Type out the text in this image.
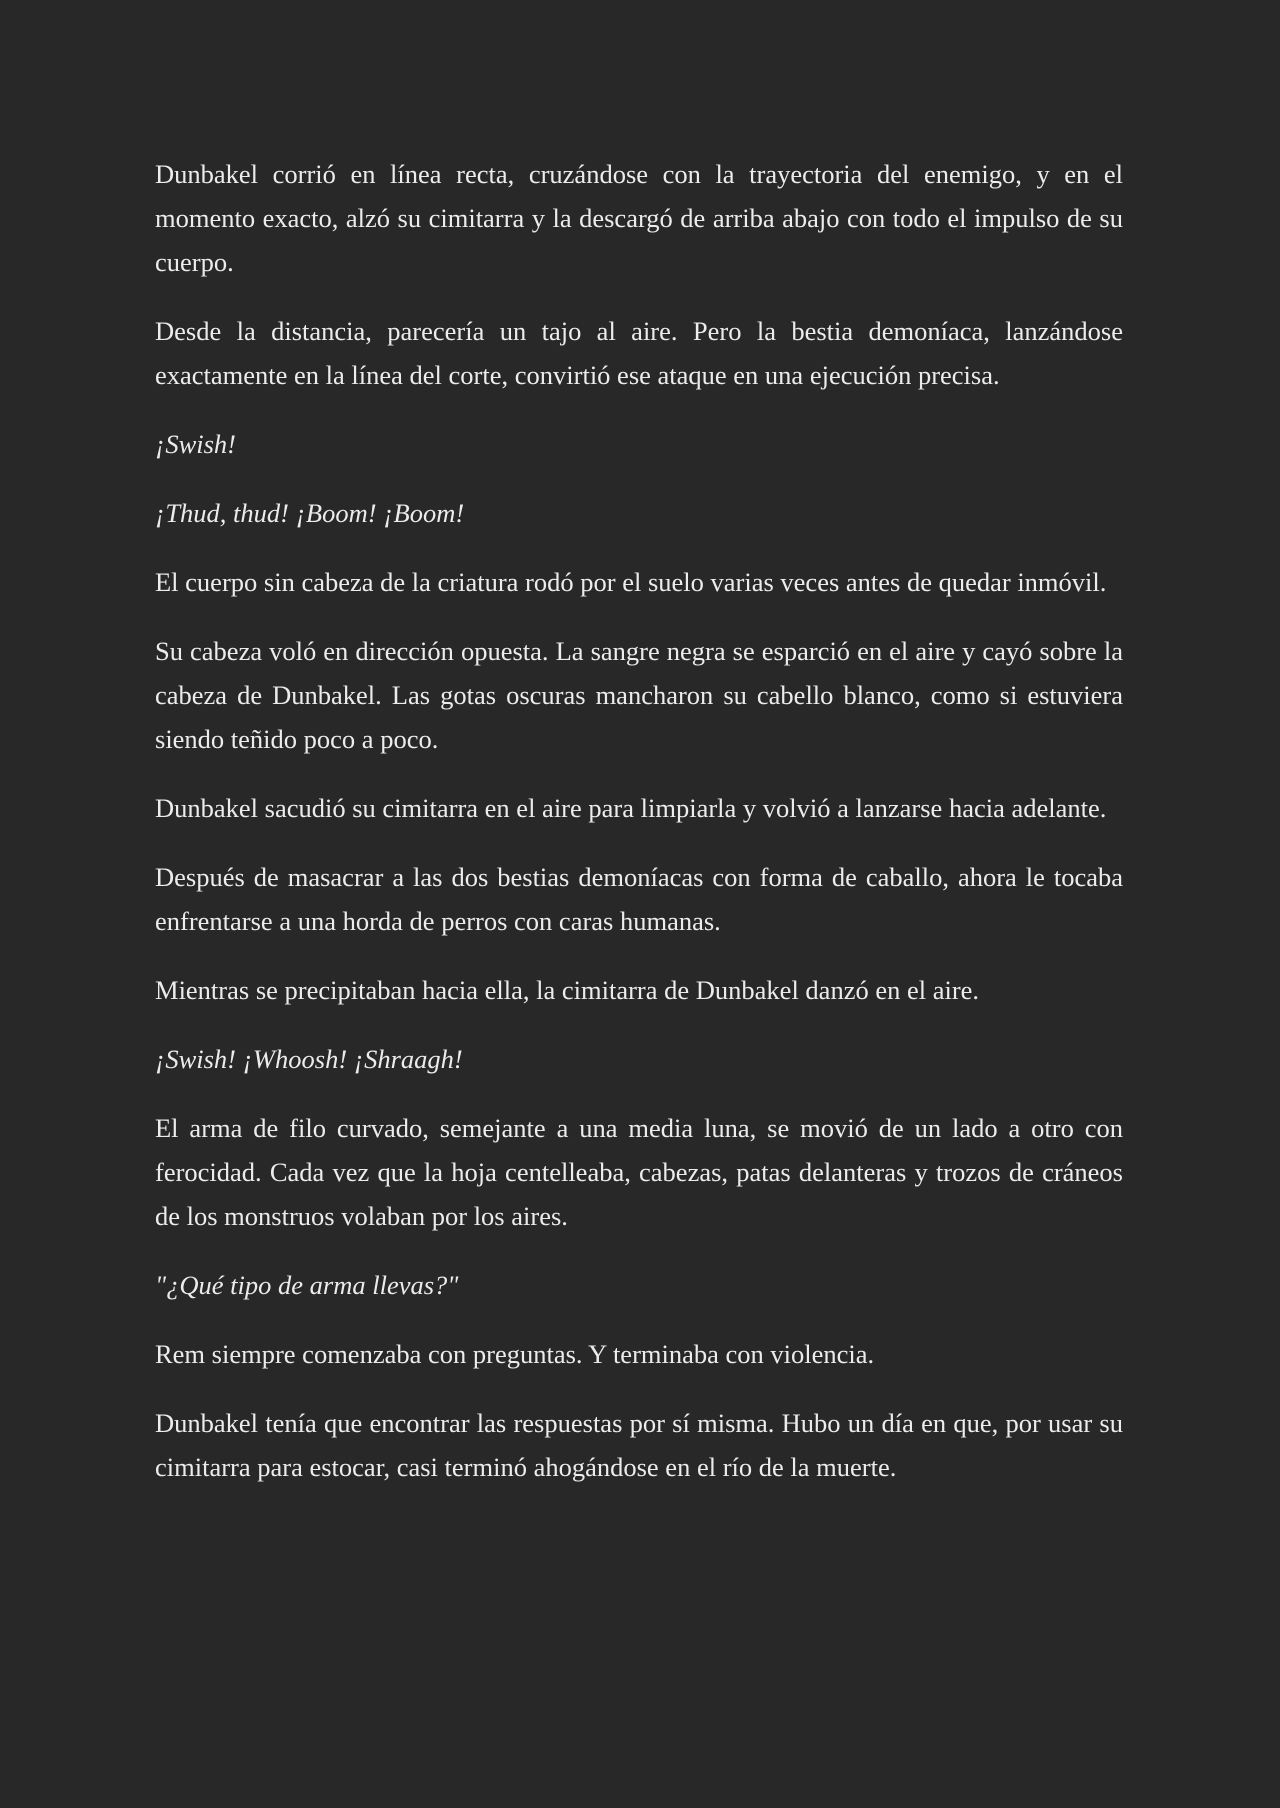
Dunbakel corrió en línea recta, cruzándose con la trayectoria del enemigo, y en el momento exacto, alzó su cimitarra y la descargó de arriba abajo con todo el impulso de su cuerpo.

Desde la distancia, parecería un tajo al aire. Pero la bestia demoníaca, lanzándose exactamente en la línea del corte, convirtió ese ataque en una ejecución precisa.

¡Swish!

¡Thud, thud! ¡Boom! ¡Boom!

El cuerpo sin cabeza de la criatura rodó por el suelo varias veces antes de quedar inmóvil.

Su cabeza voló en dirección opuesta. La sangre negra se esparció en el aire y cayó sobre la cabeza de Dunbakel. Las gotas oscuras mancharon su cabello blanco, como si estuviera siendo teñido poco a poco.

Dunbakel sacudió su cimitarra en el aire para limpiarla y volvió a lanzarse hacia adelante.

Después de masacrar a las dos bestias demoníacas con forma de caballo, ahora le tocaba enfrentarse a una horda de perros con caras humanas.

Mientras se precipitaban hacia ella, la cimitarra de Dunbakel danzó en el aire.

¡Swish! ¡Whoosh! ¡Shraagh!

El arma de filo curvado, semejante a una media luna, se movió de un lado a otro con ferocidad. Cada vez que la hoja centelleaba, cabezas, patas delanteras y trozos de cráneos de los monstruos volaban por los aires.

"¿Qué tipo de arma llevas?"

Rem siempre comenzaba con preguntas. Y terminaba con violencia.

Dunbakel tenía que encontrar las respuestas por sí misma. Hubo un día en que, por usar su cimitarra para estocar, casi terminó ahogándose en el río de la muerte.
